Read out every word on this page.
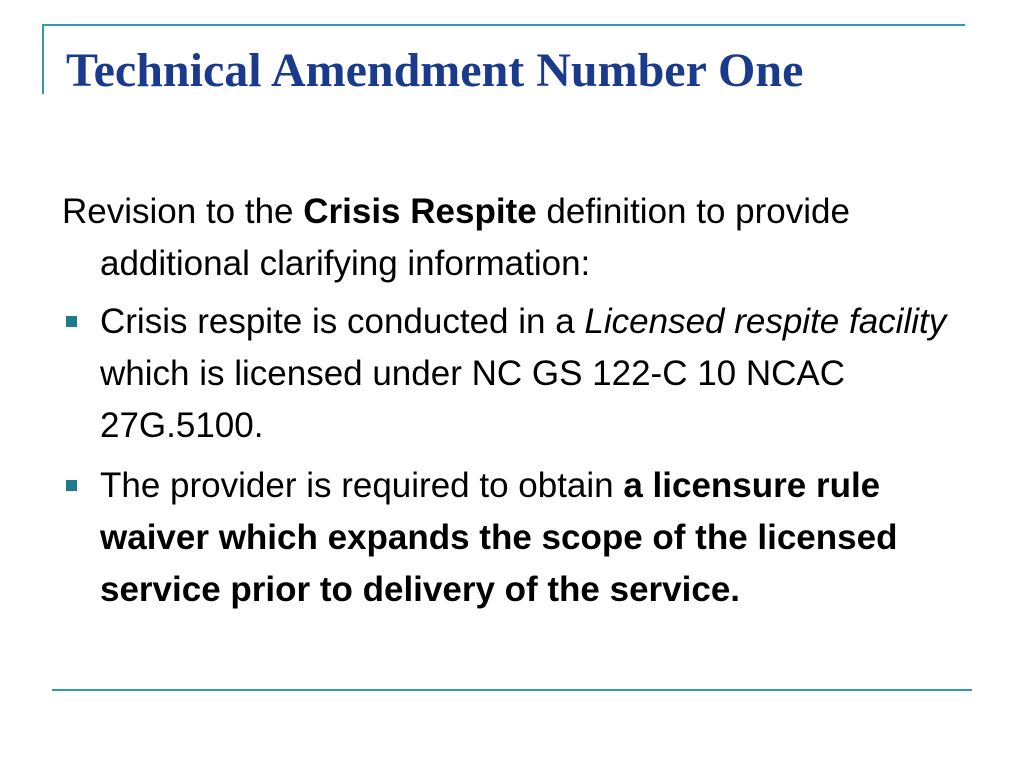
Technical Amendment Number One

Revision to the Crisis Respite definition to provide additional clarifying information:

Crisis respite is conducted in a Licensed respite facility which is licensed under NC GS 122-C 10 NCAC 27G.5100.
The provider is required to obtain a licensure rule waiver which expands the scope of the licensed service prior to delivery of the service.
